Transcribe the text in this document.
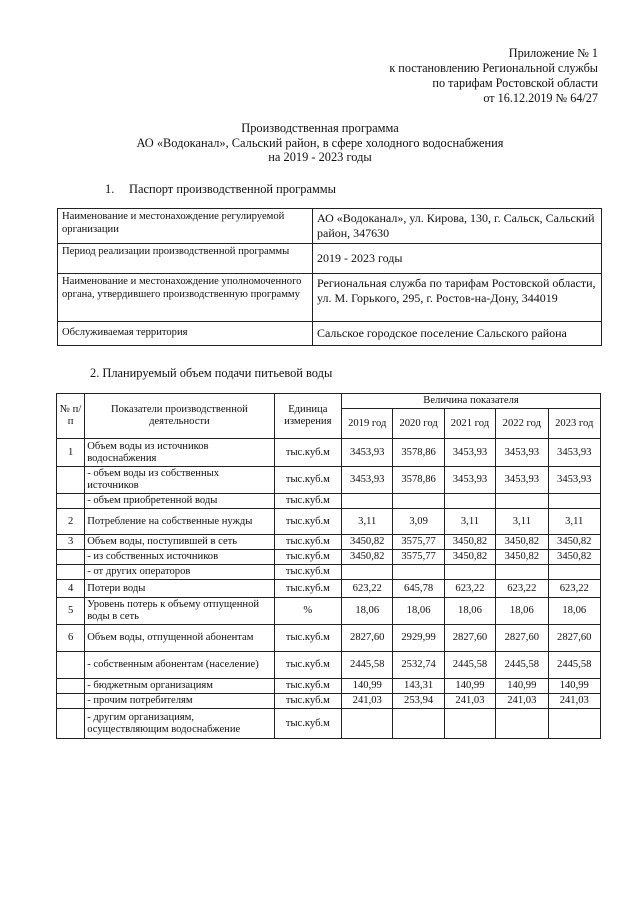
Приложение № 1
к постановлению Региональной службы
по тарифам Ростовской области
от 16.12.2019 № 64/27
Производственная программа
АО «Водоканал», Сальский район, в сфере холодного водоснабжения
на 2019 - 2023 годы
1. Паспорт производственной программы
Наименование и местонахождение регулируемой организации	АО «Водоканал», ул. Кирова, 130, г. Сальск, Сальский район, 347630
Период реализации производственной программы	2019 - 2023 годы
Наименование и местонахождение уполномоченного органа, утвердившего производственную программу	Региональная служба по тарифам Ростовской области, ул. М. Горького, 295, г. Ростов-на-Дону, 344019
Обслуживаемая территория	Сальское городское поселение Сальского района
2. Планируемый объем подачи питьевой воды
№ п/п	Показатели производственной деятельности	Единица измерения	Величина показателя				
			2019 год	2020 год	2021 год	2022 год	2023 год
1	Объем воды из источников водоснабжения	тыс.куб.м	3453,93	3578,86	3453,93	3453,93	3453,93
	- объем воды из собственных источников	тыс.куб.м	3453,93	3578,86	3453,93	3453,93	3453,93
	- объем приобретенной воды	тыс.куб.м					
2	Потребление на собственные нужды	тыс.куб.м	3,11	3,09	3,11	3,11	3,11
3	Объем воды, поступившей в сеть	тыс.куб.м	3450,82	3575,77	3450,82	3450,82	3450,82
	- из собственных источников	тыс.куб.м	3450,82	3575,77	3450,82	3450,82	3450,82
	- от других операторов	тыс.куб.м					
4	Потери воды	тыс.куб.м	623,22	645,78	623,22	623,22	623,22
5	Уровень потерь к объему отпущенной воды в сеть	%	18,06	18,06	18,06	18,06	18,06
6	Объем воды, отпущенной абонентам	тыс.куб.м	2827,60	2929,99	2827,60	2827,60	2827,60
	- собственным абонентам (население)	тыс.куб.м	2445,58	2532,74	2445,58	2445,58	2445,58
	- бюджетным организациям	тыс.куб.м	140,99	143,31	140,99	140,99	140,99
	- прочим потребителям	тыс.куб.м	241,03	253,94	241,03	241,03	241,03
	- другим организациям, осуществляющим водоснабжение	тыс.куб.м					
